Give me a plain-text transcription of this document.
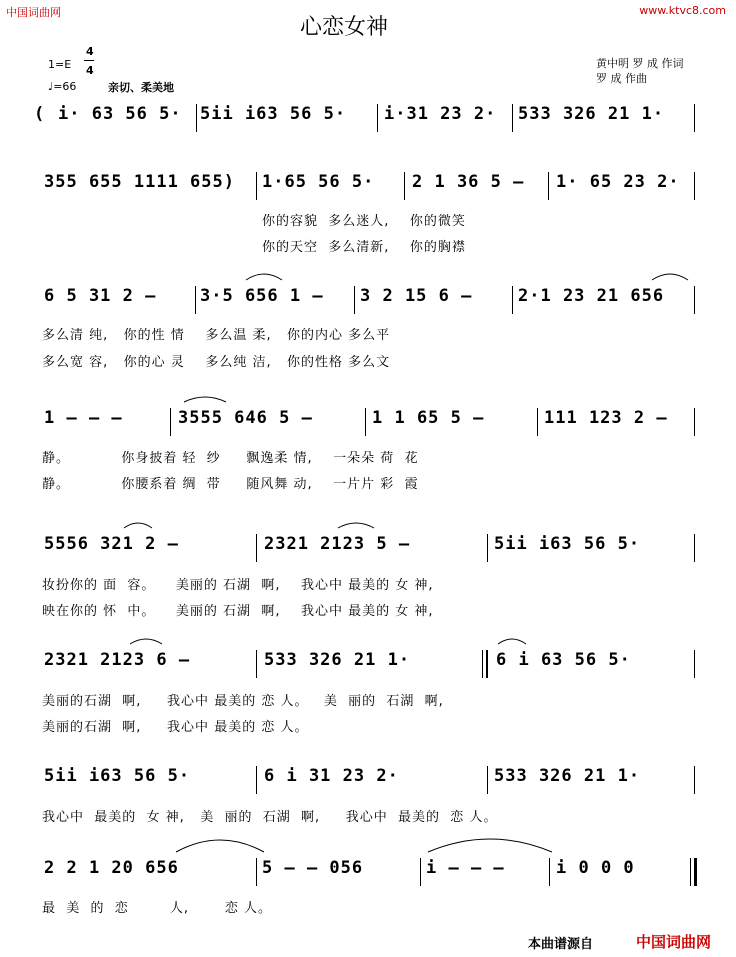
中国词曲网	www.ktvc8.com
心恋女神
黄中明 罗 成 作词
罗 成 作曲
1=E
4
4
♩=66	亲切、柔美地
( i· 63 56 5· 5ii i63 56 5· i·31 23 2· 533 326 21 1·
355 655 1111 655) 1·65 56 5· 2 1 36 5 – 1· 65 23 2·
你的容貌  多么迷人,    你的微笑
你的天空  多么清新,    你的胸襟
6 5 31 2 –	3·5 656 1 – 3 2 15 6 –	2·1 23 21 656
多么清 纯,   你的性 情    多么温 柔,   你的内心 多么平
多么宽 容,   你的心 灵    多么纯 洁,   你的性格 多么文
1 – – –	3555 646 5 –	1 1 65 5 –	111 123 2 –
静。          你身披着 轻  纱     飘逸柔 情,    一朵朵 荷  花
静。          你腰系着 绸  带     随风舞 动,    一片片 彩  霞
5556 321 2 –	2321 2123 5 –	5ii i63 56 5·
妆扮你的 面  容。    美丽的 石湖  啊,    我心中 最美的 女 神,
映在你的 怀  中。    美丽的 石湖  啊,    我心中 最美的 女 神,
2321 2123 6 –	533 326 21 1·	6 i 63 56 5·
美丽的石湖  啊,     我心中 最美的 恋 人。   美  丽的  石湖  啊,
美丽的石湖  啊,     我心中 最美的 恋 人。
5ii i63 56 5·	6 i 31 23 2·	533 326 21 1·
我心中  最美的  女 神,   美  丽的  石湖  啊,     我心中  最美的  恋 人。
2 2 1 20 656	5 – – 056	i – – –	i 0 0 0
最  美  的  恋        人,       恋 人。
本曲谱源自	中国词曲网
